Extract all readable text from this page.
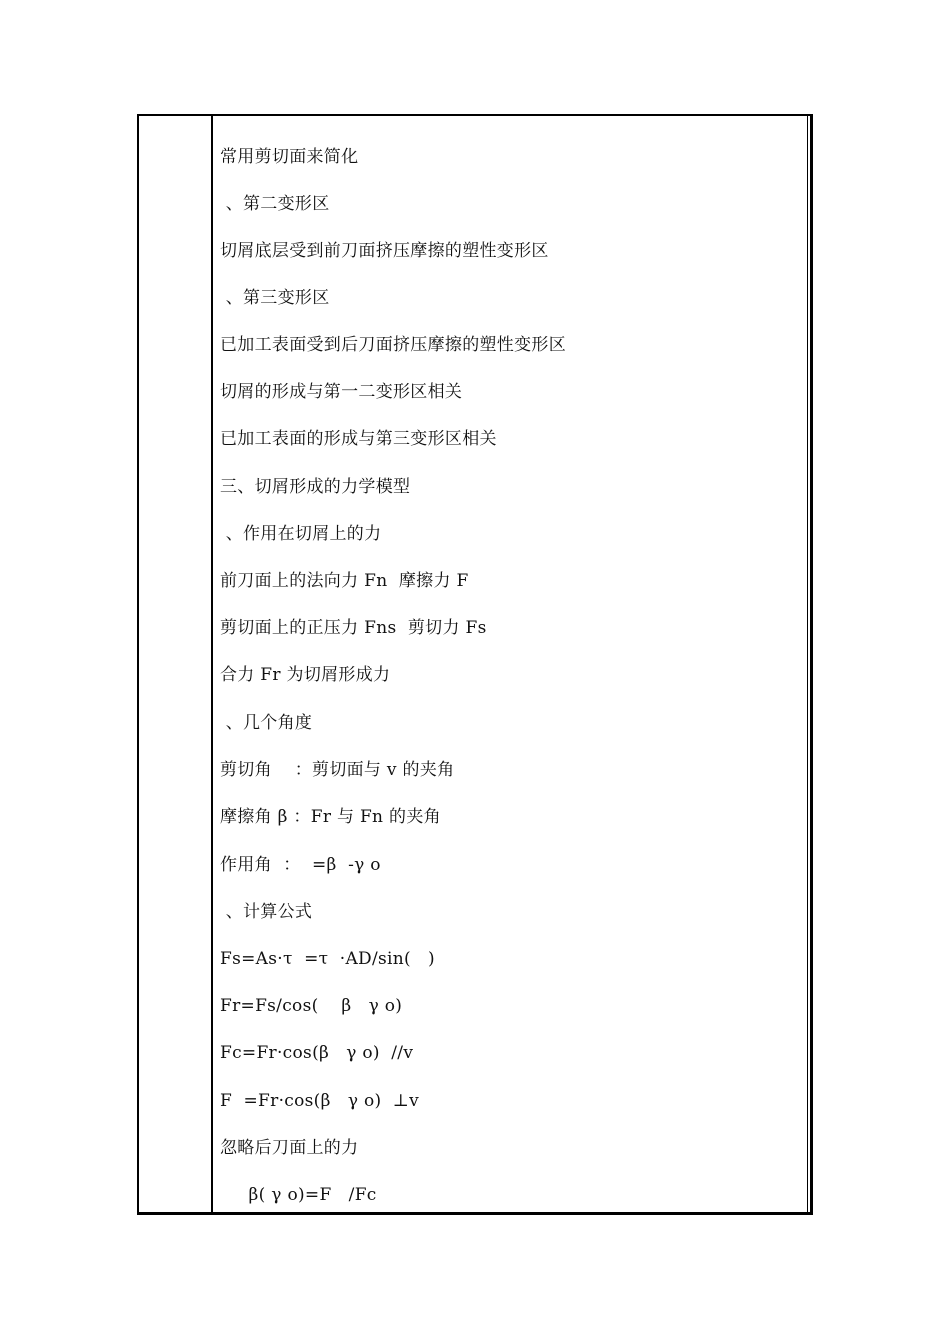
常用剪切面来简化
、第二变形区
切屑底层受到前刀面挤压摩擦的塑性变形区
、第三变形区
已加工表面受到后刀面挤压摩擦的塑性变形区
切屑的形成与第一二变形区相关
已加工表面的形成与第三变形区相关
三、切屑形成的力学模型
、作用在切屑上的力
前刀面上的法向力 Fn  摩擦力 F
剪切面上的正压力 Fns  剪切力 Fs
合力 Fr 为切屑形成力
、几个角度
剪切角    ：剪切面与 v 的夹角
摩擦角 β ：Fr 与 Fn 的夹角
作用角  ：  =β  -γ o
、计算公式
Fs=As·τ  =τ  ·AD/sin(   )
Fr=Fs/cos(    β   γ o)
Fc=Fr·cos(β   γ o)  //v
F  =Fr·cos(β   γ o)  ⊥v
忽略后刀面上的力
β( γ o)=F   /Fc
